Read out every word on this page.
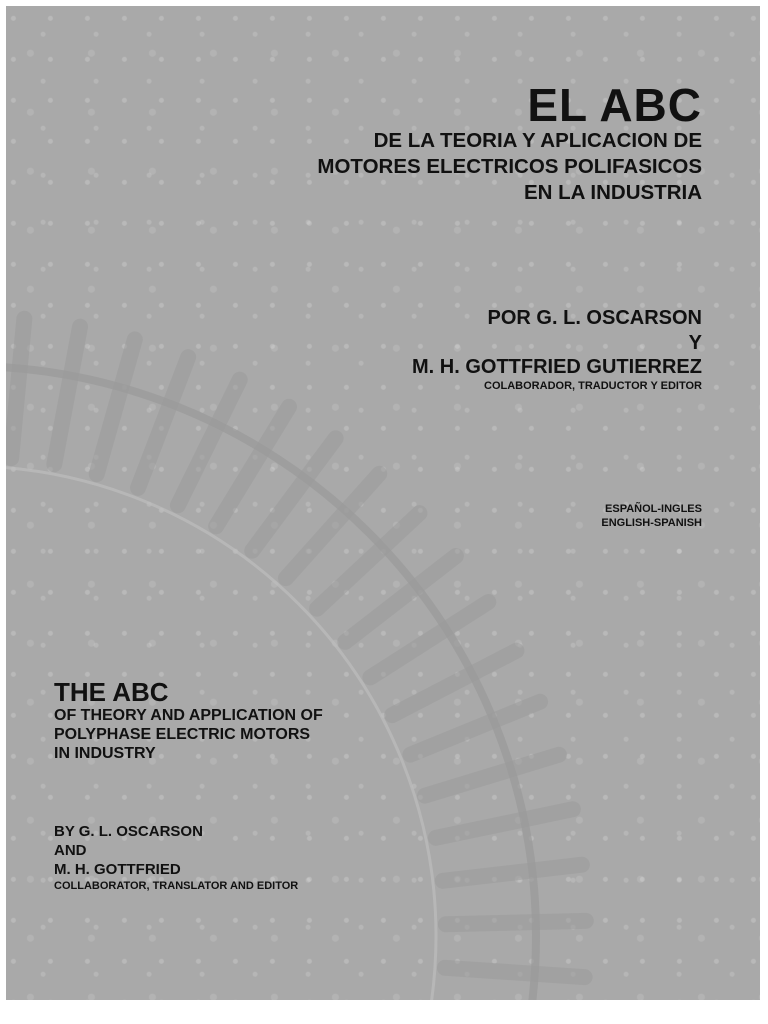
EL ABC
DE LA TEORIA Y APLICACION DE
MOTORES ELECTRICOS POLIFASICOS
EN LA INDUSTRIA
POR G. L. OSCARSON
Y
M. H. GOTTFRIED GUTIERREZ
COLABORADOR, TRADUCTOR Y EDITOR
ESPAÑOL-INGLES
ENGLISH-SPANISH
THE ABC
OF THEORY AND APPLICATION OF
POLYPHASE ELECTRIC MOTORS
IN INDUSTRY
BY G. L. OSCARSON
AND
M. H. GOTTFRIED
COLLABORATOR, TRANSLATOR AND EDITOR
